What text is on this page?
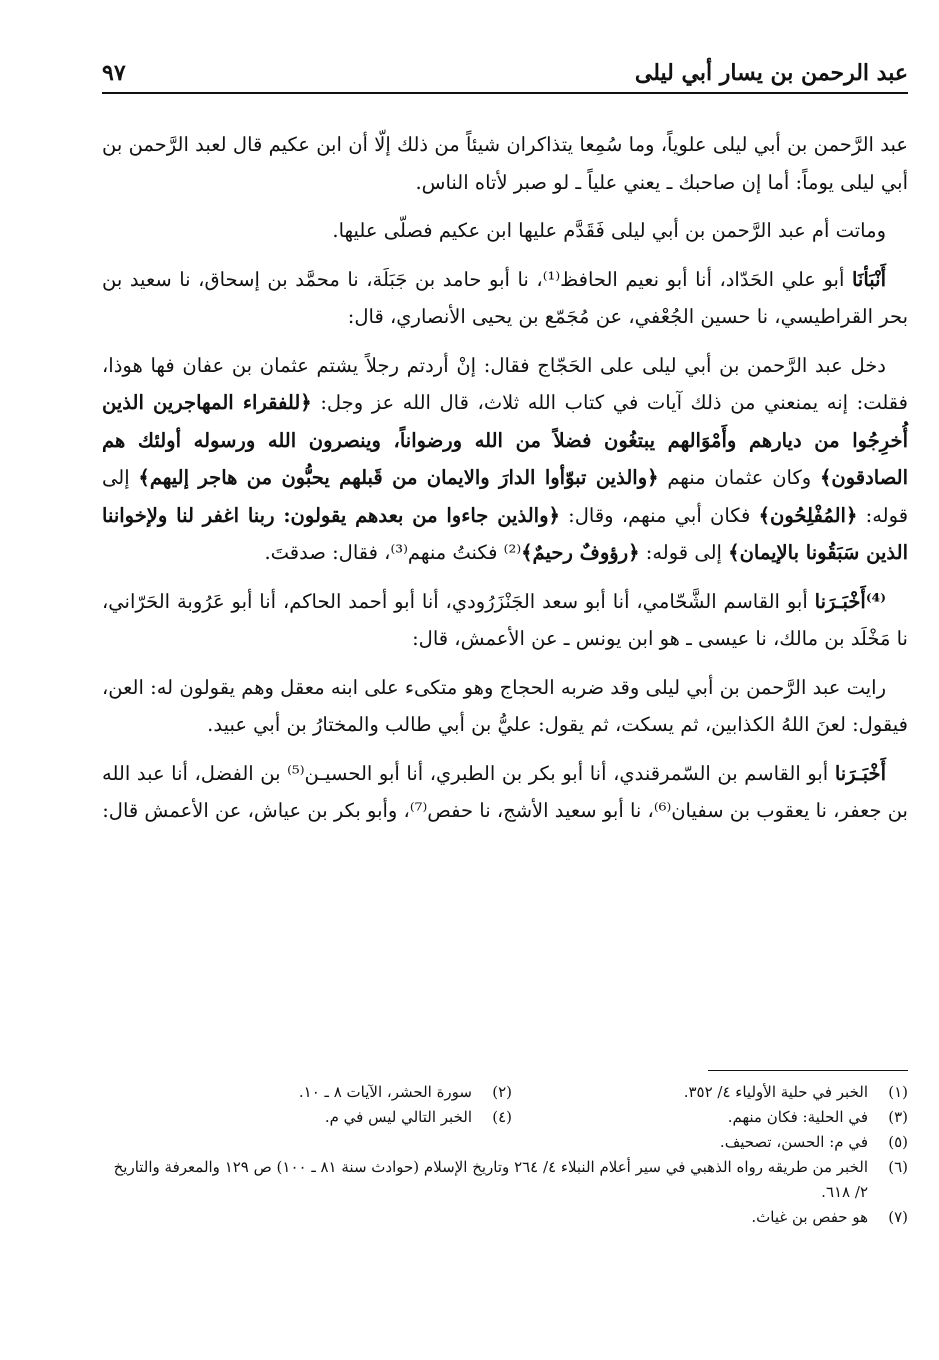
عبد الرحمن بن يسار أبي ليلى
٩٧

عبد الرَّحمن بن أبي ليلى علوياً، وما سُمِعا يتذاكران شيئاً من ذلك إلّا أن ابن عكيم قال لعبد الرَّحمن بن أبي ليلى يوماً: أما إن صاحبك ـ يعني علياً ـ لو صبر لأتاه الناس.

وماتت أم عبد الرَّحمن بن أبي ليلى فَقَدَّم عليها ابن عكيم فصلّى عليها.

أَنْبَأنَا أبو علي الحَدّاد، أنا أبو نعيم الحافظ⁽¹⁾، نا أبو حامد بن جَبَلَة، نا محمَّد بن إسحاق، نا سعيد بن بحر القراطيسي، نا حسين الجُعْفي، عن مُجَمّع بن يحيى الأنصاري، قال:

دخل عبد الرَّحمن بن أبي ليلى على الحَجّاج فقال: إنْ أردتم رجلاً يشتم عثمان بن عفان فها هوذا، فقلت: إنه يمنعني من ذلك آيات في كتاب الله ثلاث، قال الله عز وجل: ﴿للفقراء المهاجرين الذين أُخرِجُوا من ديارهم وأَمْوَالهم يبتغُون فضلاً من الله ورضواناً، وينصرون الله ورسوله أولئك هم الصادقون﴾ وكان عثمان منهم ﴿والذين تبوّأوا الدارَ والايمان من قَبلهم يحبُّون من هاجر إليهم﴾ إلى قوله: ﴿المُفْلِحُون﴾ فكان أبي منهم، وقال: ﴿والذين جاءوا من بعدهم يقولون: ربنا اغفر لنا ولإخواننا الذين سَبَقُونا بالإيمان﴾ إلى قوله: ﴿رؤوفٌ رحيمٌ﴾⁽²⁾ فكنتُ منهم⁽³⁾، فقال: صدقتَ.

⁽⁴⁾أَخْبَـرَنا أبو القاسم الشَّحّامي، أنا أبو سعد الجَنْزَرُودي، أنا أبو أحمد الحاكم، أنا أبو عَرُوبة الحَرّاني، نا مَخْلَد بن مالك، نا عيسى ـ هو ابن يونس ـ عن الأعمش، قال:

رايت عبد الرَّحمن بن أبي ليلى وقد ضربه الحجاج وهو متكىء على ابنه معقل وهم يقولون له: العن، فيقول: لعنَ اللهُ الكذابين، ثم يسكت، ثم يقول: عليُّ بن أبي طالب والمختارُ بن أبي عبيد.

أَخْبَـرَنا أبو القاسم بن السّمرقندي، أنا أبو بكر بن الطبري، أنا أبو الحسيـن⁽⁵⁾ بن الفضل، أنا عبد الله بن جعفر، نا يعقوب بن سفيان⁽⁶⁾، نا أبو سعيد الأشج، نا حفص⁽⁷⁾، وأبو بكر بن عياش، عن الأعمش قال:

(١)
الخبر في حلية الأولياء ٤/ ٣٥٢.
(٢)
سورة الحشر، الآيات ٨ ـ ١٠.
(٣)
في الحلية: فكان منهم.
(٤)
الخبر التالي ليس في م.
(٥)
في م: الحسن، تصحيف.
(٦)
الخبر من طريقه رواه الذهبي في سير أعلام النبلاء ٤/ ٢٦٤ وتاريخ الإسلام (حوادث سنة ٨١ ـ ١٠٠) ص ١٢٩ والمعرفة والتاريخ ٢/ ٦١٨.
(٧)
هو حفص بن غياث.
